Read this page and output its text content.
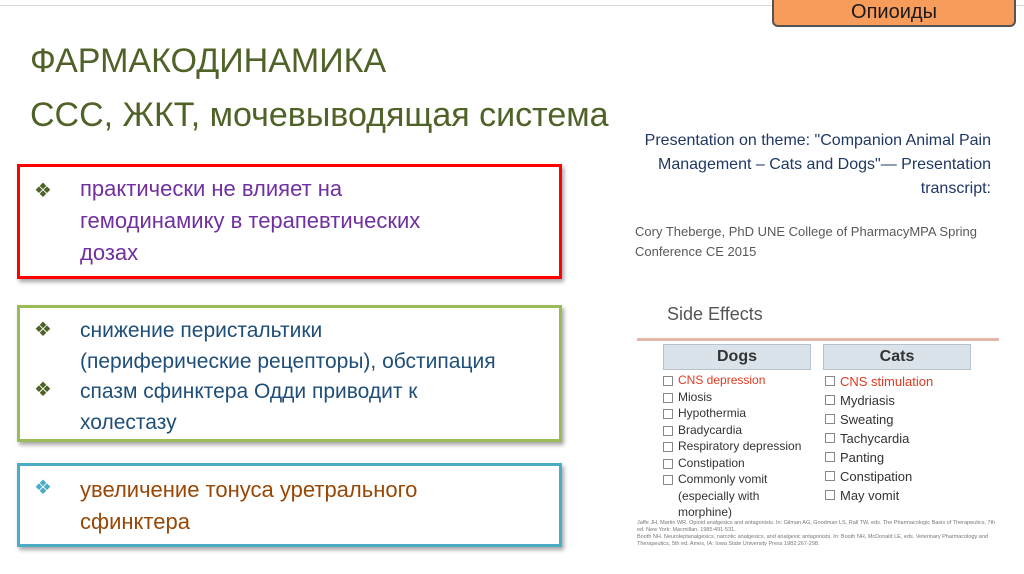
Опиоиды
ФАРМАКОДИНАМИКА
ССС, ЖКТ, мочевыводящая система
❖ практически не влияет на
гемодинамику в терапевтических
дозах
❖
❖
снижение перистальтики
(периферические рецепторы), обстипация
спазм сфинктера Одди приводит к
холестазу
❖ увеличение тонуса уретрального
сфинктера
Presentation on theme: "Companion Animal Pain
Management – Cats and Dogs"— Presentation
transcript:
Cory Theberge, PhD UNE College of PharmacyMPA Spring Conference CE 2015
Side Effects
Dogs	Cats
CNS depression
Miosis
Hypothermia
Bradycardia
Respiratory depression
Constipation
Commonly vomit
(especially with
morphine)
CNS stimulation
Mydriasis
Sweating
Tachycardia
Panting
Constipation
May vomit
Jaffe JH, Martin WR. Opioid analgesics and antagonists. In: Gilman AG, Goodman LS, Rall TW, eds. The Pharmacologic Basis of Therapeutics, 7th
ed. New York: Macmillan, 1985:491-531.
Booth NH. Neuroleptanalgesics, narcotic analgesics, and analgesic antagonists. In: Booth NH, McDonald LE, eds. Veterinary Pharmacology and
Therapeutics, 5th ed. Ames, IA: Iowa State University Press 1982:267-298.
